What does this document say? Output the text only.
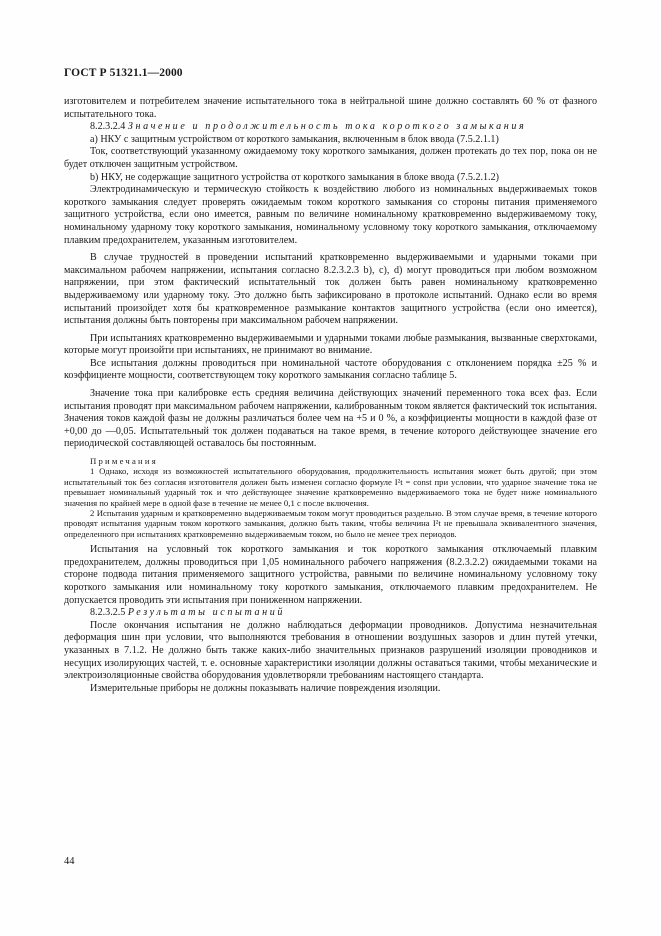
ГОСТ Р 51321.1—2000

изготовителем и потребителем значение испытательного тока в нейтральной шине должно составлять 60 % от фазного испытательного тока.

8.2.3.2.4 Значение и продолжительность тока короткого замыкания

а) НКУ с защитным устройством от короткого замыкания, включенным в блок ввода (7.5.2.1.1)

Ток, соответствующий указанному ожидаемому току короткого замыкания, должен протекать до тех пор, пока он не будет отключен защитным устройством.

b) НКУ, не содержащие защитного устройства от короткого замыкания в блоке ввода (7.5.2.1.2)

Электродинамическую и термическую стойкость к воздействию любого из номинальных выдерживаемых токов короткого замыкания следует проверять ожидаемым током короткого замыкания со стороны питания применяемого защитного устройства, если оно имеется, равным по величине номинальному кратковременно выдерживаемому току, номинальному ударному току короткого замыкания, номинальному условному току короткого замыкания, отключаемому плавким предохранителем, указанным изготовителем.

В случае трудностей в проведении испытаний кратковременно выдерживаемыми и ударными токами при максимальном рабочем напряжении, испытания согласно 8.2.3.2.3 b), с), d) могут проводиться при любом возможном напряжении, при этом фактический испытательный ток должен быть равен номинальному кратковременно выдерживаемому или ударному току. Это должно быть зафиксировано в протоколе испытаний. Однако если во время испытаний произойдет хотя бы кратковременное размыкание контактов защитного устройства (если оно имеется), испытания должны быть повторены при максимальном рабочем напряжении.

При испытаниях кратковременно выдерживаемыми и ударными токами любые размыкания, вызванные сверхтоками, которые могут произойти при испытаниях, не принимают во внимание.

Все испытания должны проводиться при номинальной частоте оборудования с отклонением порядка ±25 % и коэффициенте мощности, соответствующем току короткого замыкания согласно таблице 5.

Значение тока при калибровке есть средняя величина действующих значений переменного тока всех фаз. Если испытания проводят при максимальном рабочем напряжении, калиброванным током является фактический ток испытания. Значения токов каждой фазы не должны различаться более чем на +5 и 0 %, а коэффициенты мощности в каждой фазе от +0,00 до —0,05. Испытательный ток должен подаваться на такое время, в течение которого действующее значение его периодической составляющей оставалось бы постоянным.

Примечания

1 Однако, исходя из возможностей испытательного оборудования, продолжительность испытания может быть другой; при этом испытательный ток без согласия изготовителя должен быть изменен согласно формуле I²t = const при условии, что ударное значение тока не превышает номинальный ударный ток и что действующее значение кратковременно выдерживаемого тока не будет ниже номинального значения по крайней мере в одной фазе в течение не менее 0,1 с после включения.

2 Испытания ударным и кратковременно выдерживаемым током могут проводиться раздельно. В этом случае время, в течение которого проводят испытания ударным током короткого замыкания, должно быть таким, чтобы величина I²t не превышала эквивалентного значения, определенного при испытаниях кратковременно выдерживаемым током, но было не менее трех периодов.

Испытания на условный ток короткого замыкания и ток короткого замыкания отключаемый плавким предохранителем, должны проводиться при 1,05 номинального рабочего напряжения (8.2.3.2.2) ожидаемыми токами на стороне подвода питания применяемого защитного устройства, равными по величине номинальному условному току короткого замыкания или номинальному току короткого замыкания, отключаемого плавким предохранителем. Не допускается проводить эти испытания при пониженном напряжении.

8.2.3.2.5 Результаты испытаний

После окончания испытания не должно наблюдаться деформации проводников. Допустима незначительная деформация шин при условии, что выполняются требования в отношении воздушных зазоров и длин путей утечки, указанных в 7.1.2. Не должно быть также каких-либо значительных признаков разрушений изоляции проводников и несущих изолирующих частей, т. е. основные характеристики изоляции должны оставаться такими, чтобы механические и электроизоляционные свойства оборудования удовлетворяли требованиям настоящего стандарта.

Измерительные приборы не должны показывать наличие повреждения изоляции.

44
